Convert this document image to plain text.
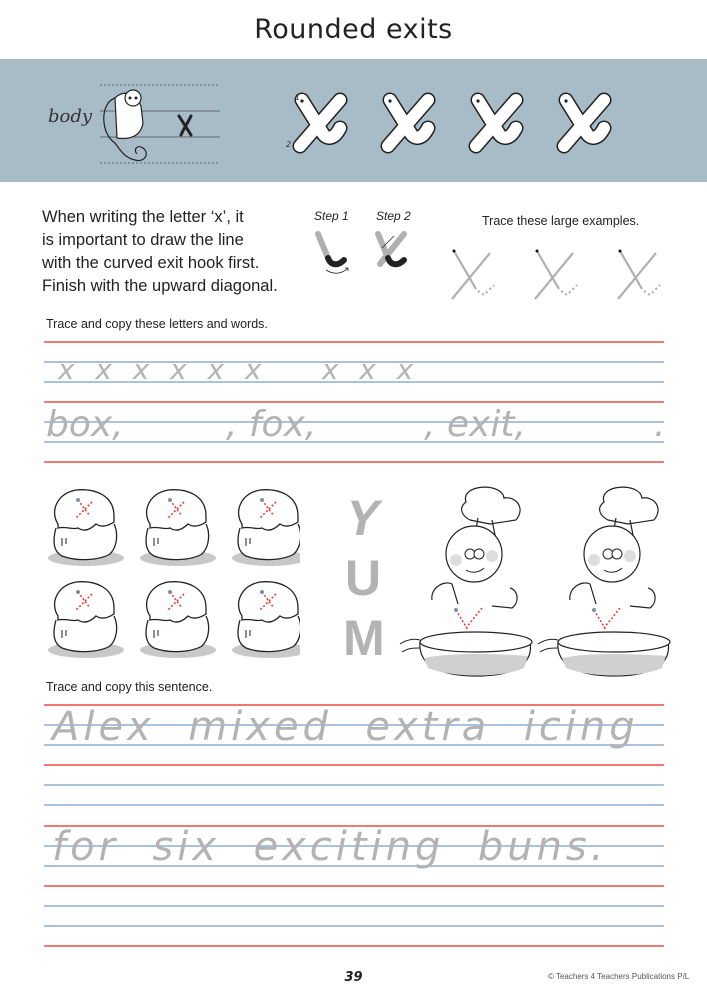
Rounded exits
body
1
2
When writing the letter ‘x’, it
is important to draw the line
with the curved exit hook first.
Finish with the upward diagonal.
Step 1 Step 2	Trace these large examples.
Trace and copy these letters and words.
x  x  x  x  x  x      x  x  x
box,	, fox,	, exit,	.
Y
U
M
Trace and copy this sentence.
Alex  mixed  extra  icing
for  six  exciting  buns.
39	© Teachers 4 Teachers Publications P/L
